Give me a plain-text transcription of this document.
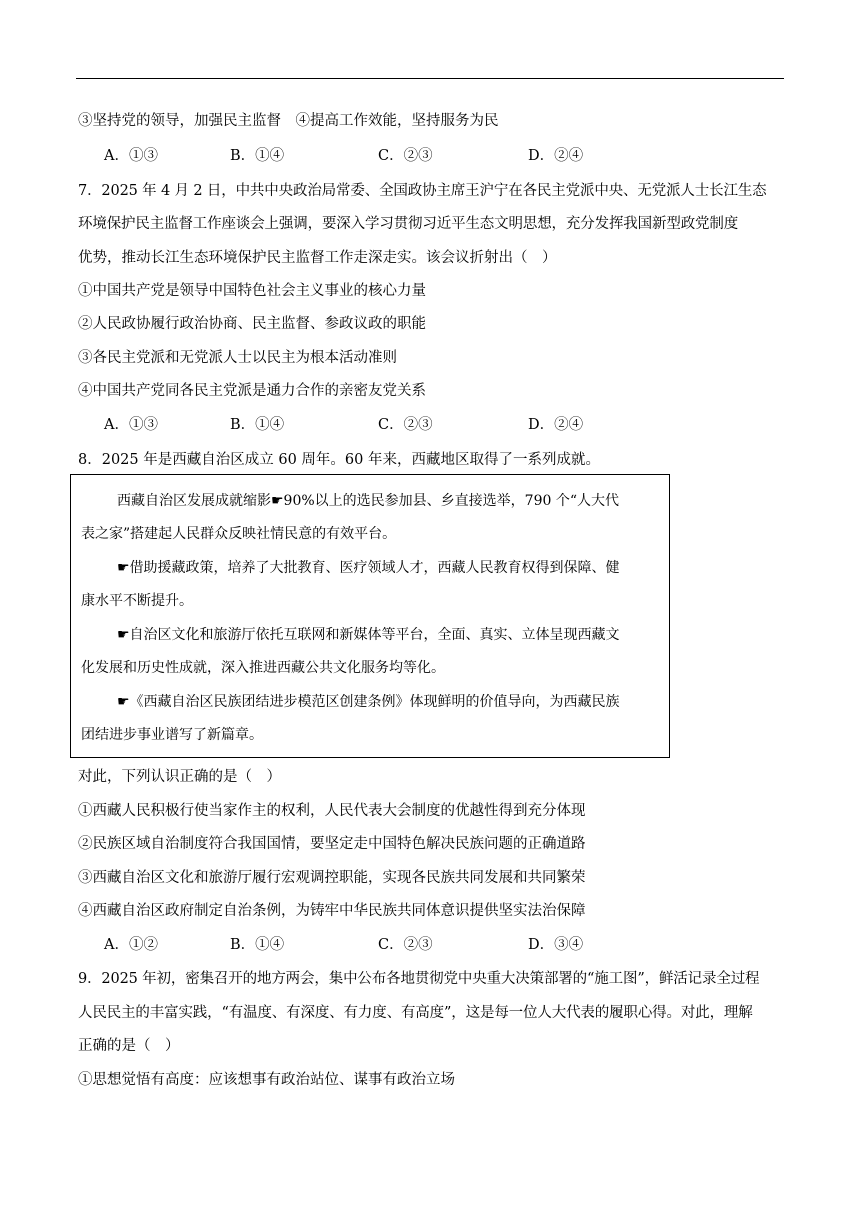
③坚持党的领导，加强民主监督　④提高工作效能，坚持服务为民
A．①③	B．①④	C．②③	D．②④
7．2025 年 4 月 2 日，中共中央政治局常委、全国政协主席王沪宁在各民主党派中央、无党派人士长江生态
环境保护民主监督工作座谈会上强调，要深入学习贯彻习近平生态文明思想，充分发挥我国新型政党制度
优势，推动长江生态环境保护民主监督工作走深走实。该会议折射出（　）
①中国共产党是领导中国特色社会主义事业的核心力量
②人民政协履行政治协商、民主监督、参政议政的职能
③各民主党派和无党派人士以民主为根本活动准则
④中国共产党同各民主党派是通力合作的亲密友党关系
A．①③	B．①④	C．②③	D．②④
8．2025 年是西藏自治区成立 60 周年。60 年来，西藏地区取得了一系列成就。
西藏自治区发展成就缩影☛90%以上的选民参加县、乡直接选举，790 个“人大代
表之家”搭建起人民群众反映社情民意的有效平台。
☛借助援藏政策，培养了大批教育、医疗领域人才，西藏人民教育权得到保障、健
康水平不断提升。
☛自治区文化和旅游厅依托互联网和新媒体等平台，全面、真实、立体呈现西藏文
化发展和历史性成就，深入推进西藏公共文化服务均等化。
☛《西藏自治区民族团结进步模范区创建条例》体现鲜明的价值导向，为西藏民族
团结进步事业谱写了新篇章。
对此，下列认识正确的是（　）
①西藏人民积极行使当家作主的权利，人民代表大会制度的优越性得到充分体现
②民族区域自治制度符合我国国情，要坚定走中国特色解决民族问题的正确道路
③西藏自治区文化和旅游厅履行宏观调控职能，实现各民族共同发展和共同繁荣
④西藏自治区政府制定自治条例，为铸牢中华民族共同体意识提供坚实法治保障
A．①②	B．①④	C．②③	D．③④
9．2025 年初，密集召开的地方两会，集中公布各地贯彻党中央重大决策部署的“施工图”，鲜活记录全过程
人民民主的丰富实践，“有温度、有深度、有力度、有高度”，这是每一位人大代表的履职心得。对此，理解
正确的是（　）
①思想觉悟有高度：应该想事有政治站位、谋事有政治立场
